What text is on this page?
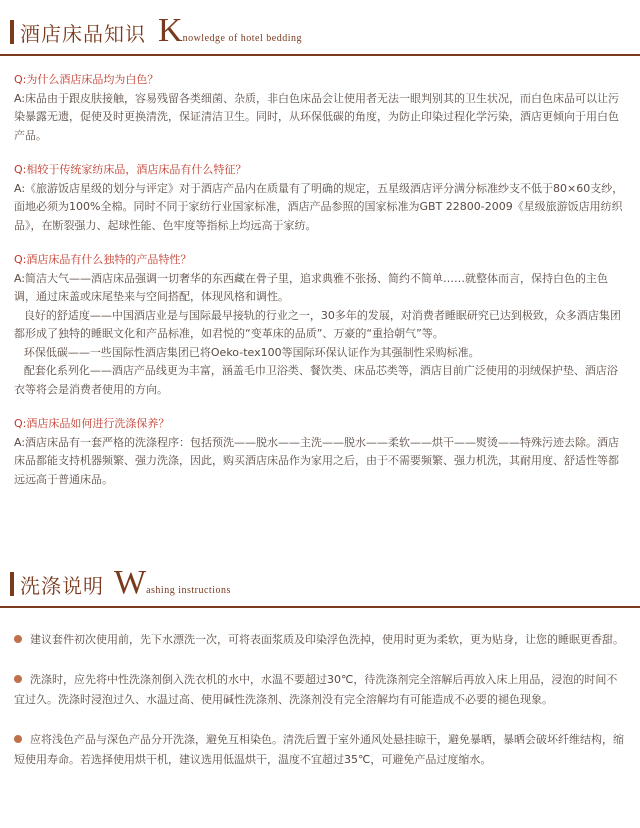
酒店床品知识 Knowledge of hotel bedding

Q:为什么酒店床品均为白色？

A:床品由于跟皮肤接触，容易残留各类细菌、杂质，非白色床品会让使用者无法一眼判别其的卫生状况，而白色床品可以让污染暴露无遗，促使及时更换清洗，保证清洁卫生。同时，从环保低碳的角度，为防止印染过程化学污染，酒店更倾向于用白色产品。

Q:相较于传统家纺床品，酒店床品有什么特征？

A:《旅游饭店星级的划分与评定》对于酒店产品内在质量有了明确的规定，五星级酒店评分满分标准纱支不低于80×60支纱，面地必须为100%全棉。同时不同于家纺行业国家标准，酒店产品参照的国家标准为GBT 22800-2009《星级旅游饭店用纺织品》，在断裂强力、起球性能、色牢度等指标上均远高于家纺。

Q:酒店床品有什么独特的产品特性？

A:简洁大气——酒店床品强调一切奢华的东西藏在骨子里，追求典雅不张扬、简约不简单……就整体而言，保持白色的主色调，通过床盖或床尾垫来与空间搭配，体现风格和调性。

良好的舒适度——中国酒店业是与国际最早接轨的行业之一，30多年的发展，对消费者睡眠研究已达到极致，众多酒店集团都形成了独特的睡眠文化和产品标准，如君悦的“变革床的品质”、万豪的“重拾朝气”等。

环保低碳——一些国际性酒店集团已将Oeko-tex100等国际环保认证作为其强制性采购标准。

配套化系列化——酒店产品线更为丰富，涵盖毛巾卫浴类、餐饮类、床品芯类等，酒店目前广泛使用的羽绒保护垫、酒店浴衣等将会是消费者使用的方向。

Q:酒店床品如何进行洗涤保养？

A:酒店床品有一套严格的洗涤程序：包括预洗——脱水——主洗——脱水——柔软——烘干——熨烫——特殊污迹去除。酒店床品都能支持机器频繁、强力洗涤，因此，购买酒店床品作为家用之后，由于不需要频繁、强力机洗，其耐用度、舒适性等都远远高于普通床品。

洗涤说明 Washing instructions

建议套件初次使用前，先下水漂洗一次，可将表面浆质及印染浮色洗掉，使用时更为柔软，更为贴身，让您的睡眠更香甜。

洗涤时，应先将中性洗涤剂倒入洗衣机的水中，水温不要超过30℃，待洗涤剂完全溶解后再放入床上用品，浸泡的时间不宜过久。洗涤时浸泡过久、水温过高、使用碱性洗涤剂、洗涤剂没有完全溶解均有可能造成不必要的褪色现象。

应将浅色产品与深色产品分开洗涤，避免互相染色。清洗后置于室外通风处悬挂晾干，避免暴晒，暴晒会破坏纤维结构，缩短使用寿命。若选择使用烘干机，建议选用低温烘干，温度不宜超过35℃，可避免产品过度缩水。
